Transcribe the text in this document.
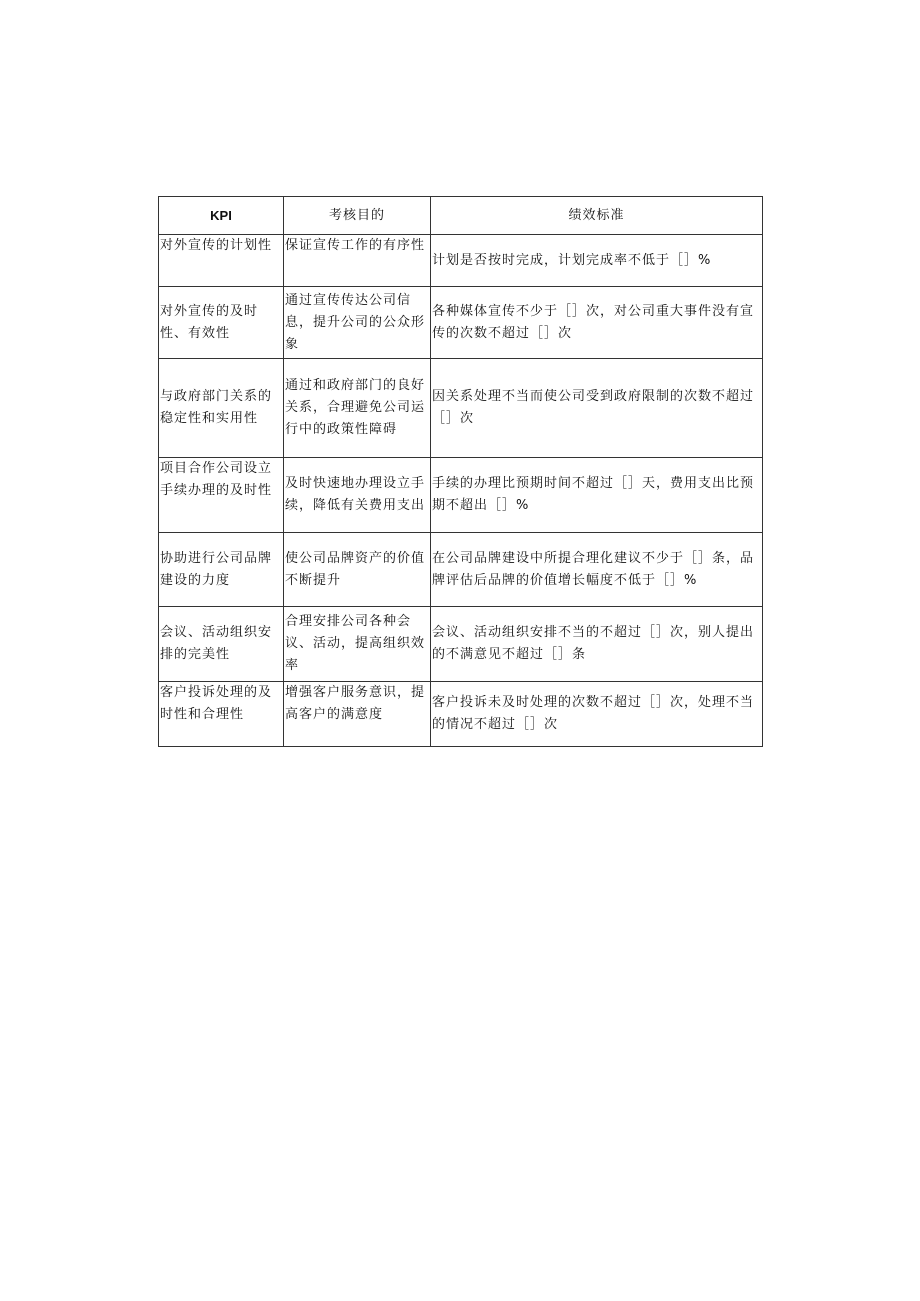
KPI	考核目的	绩效标准
对外宣传的计划性	保证宣传工作的有序性	计划是否按时完成，计划完成率不低于［］%
对外宣传的及时性、有效性	通过宣传传达公司信息，提升公司的公众形象	各种媒体宣传不少于［］次，对公司重大事件没有宣传的次数不超过［］次
与政府部门关系的稳定性和实用性	通过和政府部门的良好关系，合理避免公司运行中的政策性障碍	因关系处理不当而使公司受到政府限制的次数不超过［］次
项目合作公司设立手续办理的及时性	及时快速地办理设立手续，降低有关费用支出	手续的办理比预期时间不超过［］天，费用支出比预期不超出［］%
协助进行公司品牌建设的力度	使公司品牌资产的价值不断提升	在公司品牌建设中所提合理化建议不少于［］条，品牌评估后品牌的价值增长幅度不低于［］%
会议、活动组织安排的完美性	合理安排公司各种会议、活动，提高组织效率	会议、活动组织安排不当的不超过［］次，别人提出的不满意见不超过［］条
客户投诉处理的及时性和合理性	增强客户服务意识，提高客户的满意度	客户投诉未及时处理的次数不超过［］次，处理不当的情况不超过［］次
